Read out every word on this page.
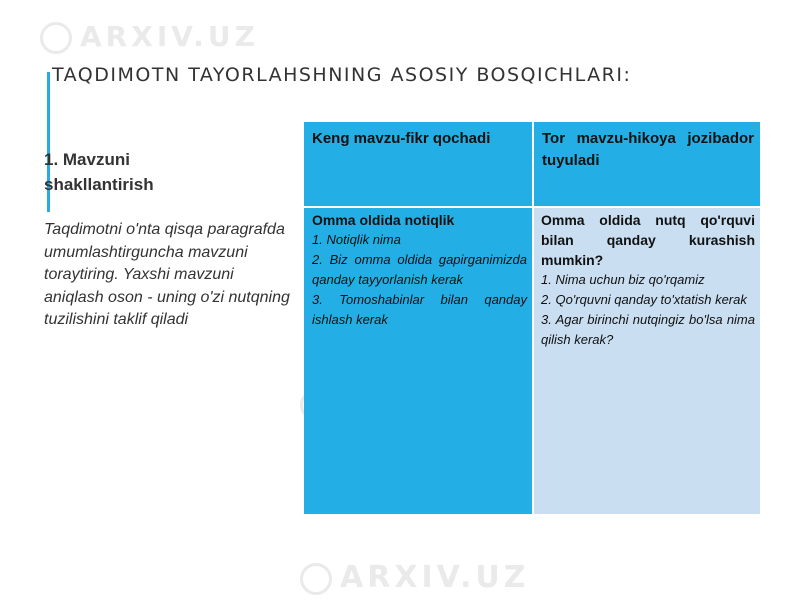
ARXIV.UZ
ARXIV.UZ
TAQDIMOTN TAYORLAHSHNING ASOSIY BOSQICHLARI:
1. Mavzuni shakllantirish
Taqdimotni o'nta qisqa paragrafda umumlashtirguncha mavzuni toraytiring. Yaxshi mavzuni aniqlash oson - uning o'zi nutqning tuzilishini taklif qiladi
Keng mavzu-fikr qochadi	Tor mavzu-hikoya jozibador tuyuladi
Omma oldida notiqlik
1. Notiqlik nima
2. Biz omma oldida gapirganimizda qanday tayyorlanish kerak
3. Tomoshabinlar bilan qanday ishlash kerak
Omma oldida nutq qo'rquvi bilan qanday kurashish mumkin?
1. Nima uchun biz qo'rqamiz
2. Qo'rquvni qanday to'xtatish kerak
3. Agar birinchi nutqingiz bo'lsa nima qilish kerak?
